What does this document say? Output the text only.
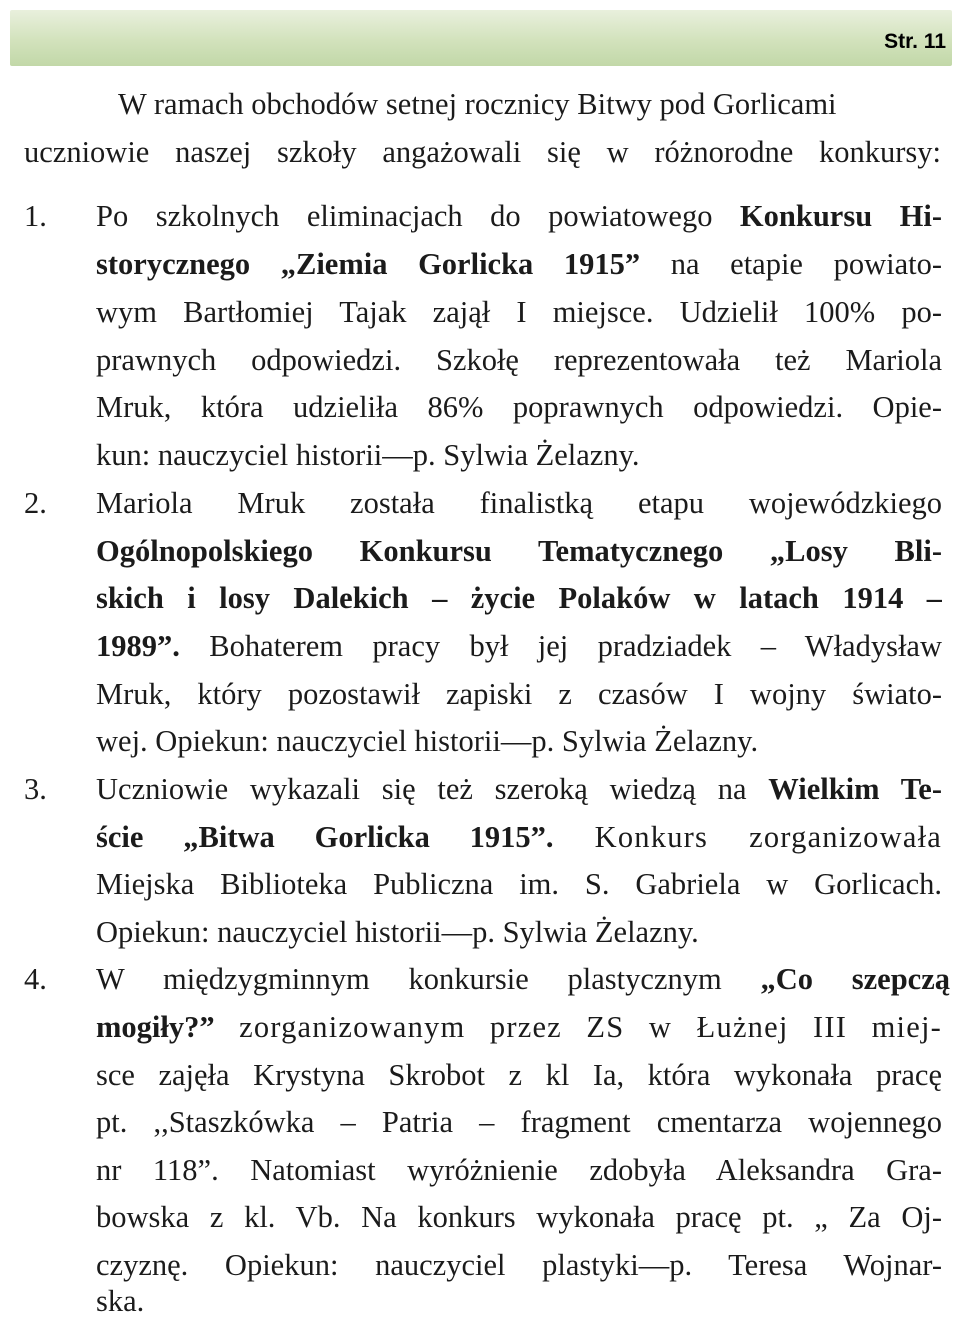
Str. 11
W ramach obchodów setnej rocznicy Bitwy pod Gorlicami
uczniowie naszej szkoły angażowali się w różnorodne konkursy:
1. Po szkolnych eliminacjach do powiatowego Konkursu Hi-
storycznego „Ziemia Gorlicka 1915” na etapie powiato-
wym Bartłomiej Tajak zajął I miejsce. Udzielił 100% po-
prawnych odpowiedzi. Szkołę reprezentowała też Mariola
Mruk, która udzieliła 86% poprawnych odpowiedzi. Opie-
kun: nauczyciel historii—p. Sylwia Żelazny.
2. Mariola Mruk została finalistką etapu wojewódzkiego
Ogólnopolskiego Konkursu Tematycznego „Losy Bli-
skich i losy Dalekich – życie Polaków w latach 1914 –
1989”. Bohaterem pracy był jej pradziadek – Władysław
Mruk, który pozostawił zapiski z czasów I wojny świato-
wej. Opiekun: nauczyciel historii—p. Sylwia Żelazny.
3. Uczniowie wykazali się też szeroką wiedzą na Wielkim Te-
ście „Bitwa Gorlicka 1915”. Konkurs zorganizowała
Miejska Biblioteka Publiczna im. S. Gabriela w Gorlicach.
Opiekun: nauczyciel historii—p. Sylwia Żelazny.
4. W międzygminnym konkursie plastycznym „Co szepczą
mogiły?” zorganizowanym przez ZS w Łużnej III miej-
sce zajęła Krystyna Skrobot z kl Ia, która wykonała pracę
pt. ,,Staszkówka – Patria – fragment cmentarza wojennego
nr 118”. Natomiast wyróżnienie zdobyła Aleksandra Gra-
bowska z kl. Vb. Na konkurs wykonała pracę pt. „ Za Oj-
czyznę. Opiekun: nauczyciel plastyki—p. Teresa Wojnar-
ska.
